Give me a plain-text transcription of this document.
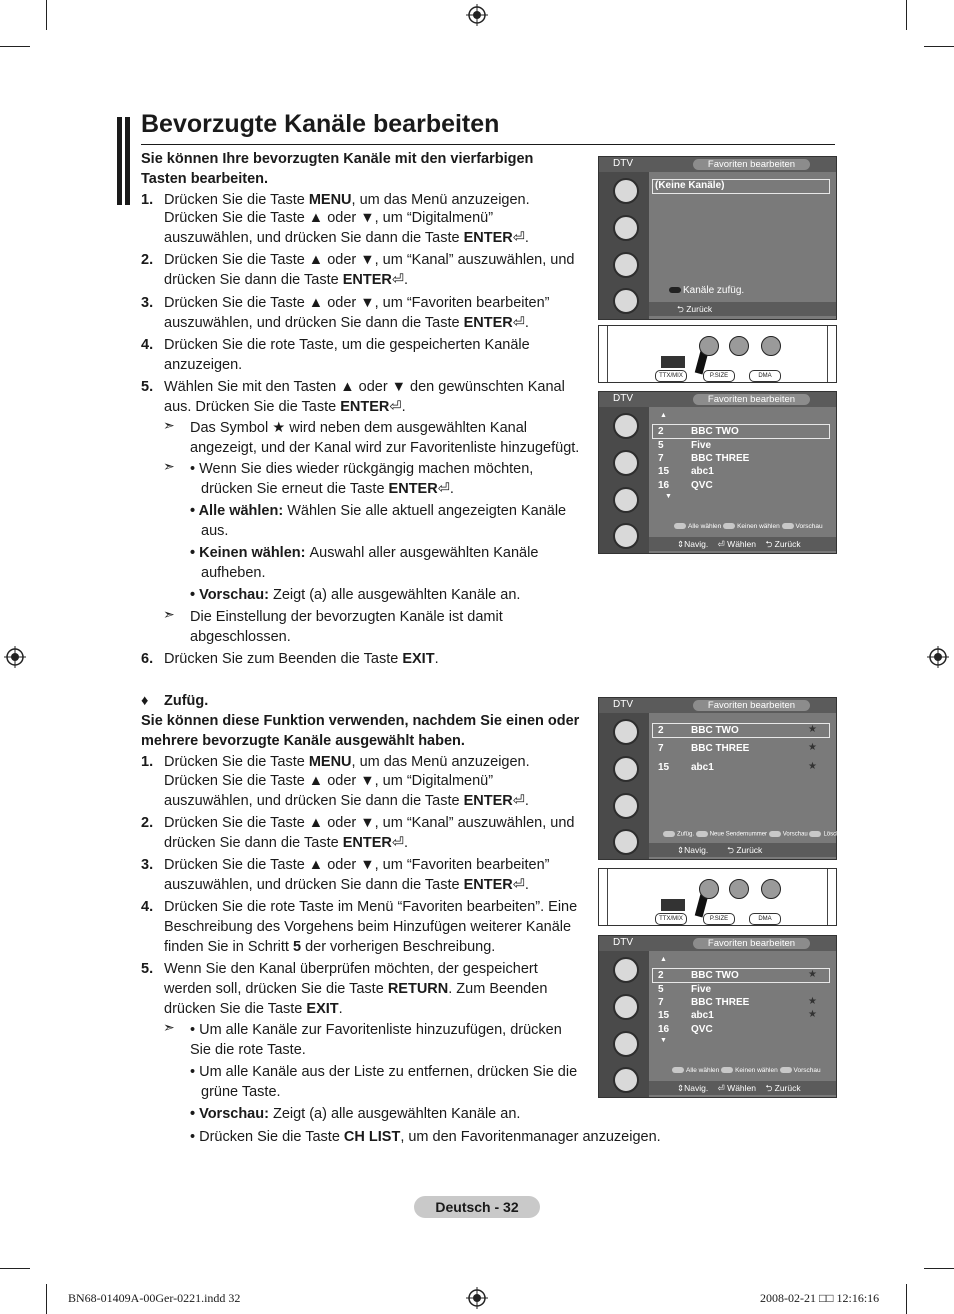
Bevorzugte Kanäle bearbeiten
Sie können Ihre bevorzugten Kanäle mit den vierfarbigen
Tasten bearbeiten.
1. Drücken Sie die Taste MENU, um das Menü anzuzeigen.
Drücken Sie die Taste ▲ oder ▼, um “Digitalmenü”
auszuwählen, und drücken Sie dann die Taste ENTER⏎.
2. Drücken Sie die Taste ▲ oder ▼, um “Kanal” auszuwählen, und
drücken Sie dann die Taste ENTER⏎.
3. Drücken Sie die Taste ▲ oder ▼, um “Favoriten bearbeiten”
auszuwählen, und drücken Sie dann die Taste ENTER⏎.
4. Drücken Sie die rote Taste, um die gespeicherten Kanäle
anzuzeigen.
5. Wählen Sie mit den Tasten ▲ oder ▼ den gewünschten Kanal
aus. Drücken Sie die Taste ENTER⏎.
➣ Das Symbol ★ wird neben dem ausgewählten Kanal
angezeigt, und der Kanal wird zur Favoritenliste hinzugefügt.
➣ • Wenn Sie dies wieder rückgängig machen möchten,
drücken Sie erneut die Taste ENTER⏎.
• Alle wählen: Wählen Sie alle aktuell angezeigten Kanäle
aus.
• Keinen wählen: Auswahl aller ausgewählten Kanäle
aufheben.
• Vorschau: Zeigt (a) alle ausgewählten Kanäle an.
➣ Die Einstellung der bevorzugten Kanäle ist damit
abgeschlossen.
6. Drücken Sie zum Beenden die Taste EXIT.
♦ Zufüg.
Sie können diese Funktion verwenden, nachdem Sie einen oder
mehrere bevorzugte Kanäle ausgewählt haben.
1. Drücken Sie die Taste MENU, um das Menü anzuzeigen.
Drücken Sie die Taste ▲ oder ▼, um “Digitalmenü”
auszuwählen, und drücken Sie dann die Taste ENTER⏎.
2. Drücken Sie die Taste ▲ oder ▼, um “Kanal” auszuwählen, und
drücken Sie dann die Taste ENTER⏎.
3. Drücken Sie die Taste ▲ oder ▼, um “Favoriten bearbeiten”
auszuwählen, und drücken Sie dann die Taste ENTER⏎.
4. Drücken Sie die rote Taste im Menü “Favoriten bearbeiten”. Eine
Beschreibung des Vorgehens beim Hinzufügen weiterer Kanäle
finden Sie in Schritt 5 der vorherigen Beschreibung.
5. Wenn Sie den Kanal überprüfen möchten, der gespeichert
werden soll, drücken Sie die Taste RETURN. Zum Beenden
drücken Sie die Taste EXIT.
➣ • Um alle Kanäle zur Favoritenliste hinzuzufügen, drücken
Sie die rote Taste.
• Um alle Kanäle aus der Liste zu entfernen, drücken Sie die
grüne Taste.
• Vorschau: Zeigt (a) alle ausgewählten Kanäle an.
• Drücken Sie die Taste CH LIST, um den Favoritenmanager anzuzeigen.
DTV	Favoriten bearbeiten
(Keine Kanäle)
Kanäle zufüg.
⮌ Zurück
TTX/MIX	P.SIZE	DMA
DTV	Favoriten bearbeiten
▲
2	BBC TWO
5	Five
7	BBC THREE
15 abc1
16 QVC
▼
Alle wählen Keinen wählen Vorschau
⇕Navig. ⏎ Wählen ⮌ Zurück
DTV	Favoriten bearbeiten
2	BBC TWO	★
7	BBC THREE	★
15 abc1	★
Zufüg.	Neue Sendernummer	Vorschau	Löschen
⇕Navig. ⮌ Zurück
TTX/MIX	P.SIZE	DMA
DTV	Favoriten bearbeiten
▲
2	BBC TWO	★
5	Five
7	BBC THREE	★
15 abc1	★
16 QVC
▼
Alle wählen Keinen wählen Vorschau
⇕Navig. ⏎ Wählen ⮌ Zurück
Deutsch - 32
BN68-01409A-00Ger-0221.indd 32	2008-02-21 □□ 12:16:16
